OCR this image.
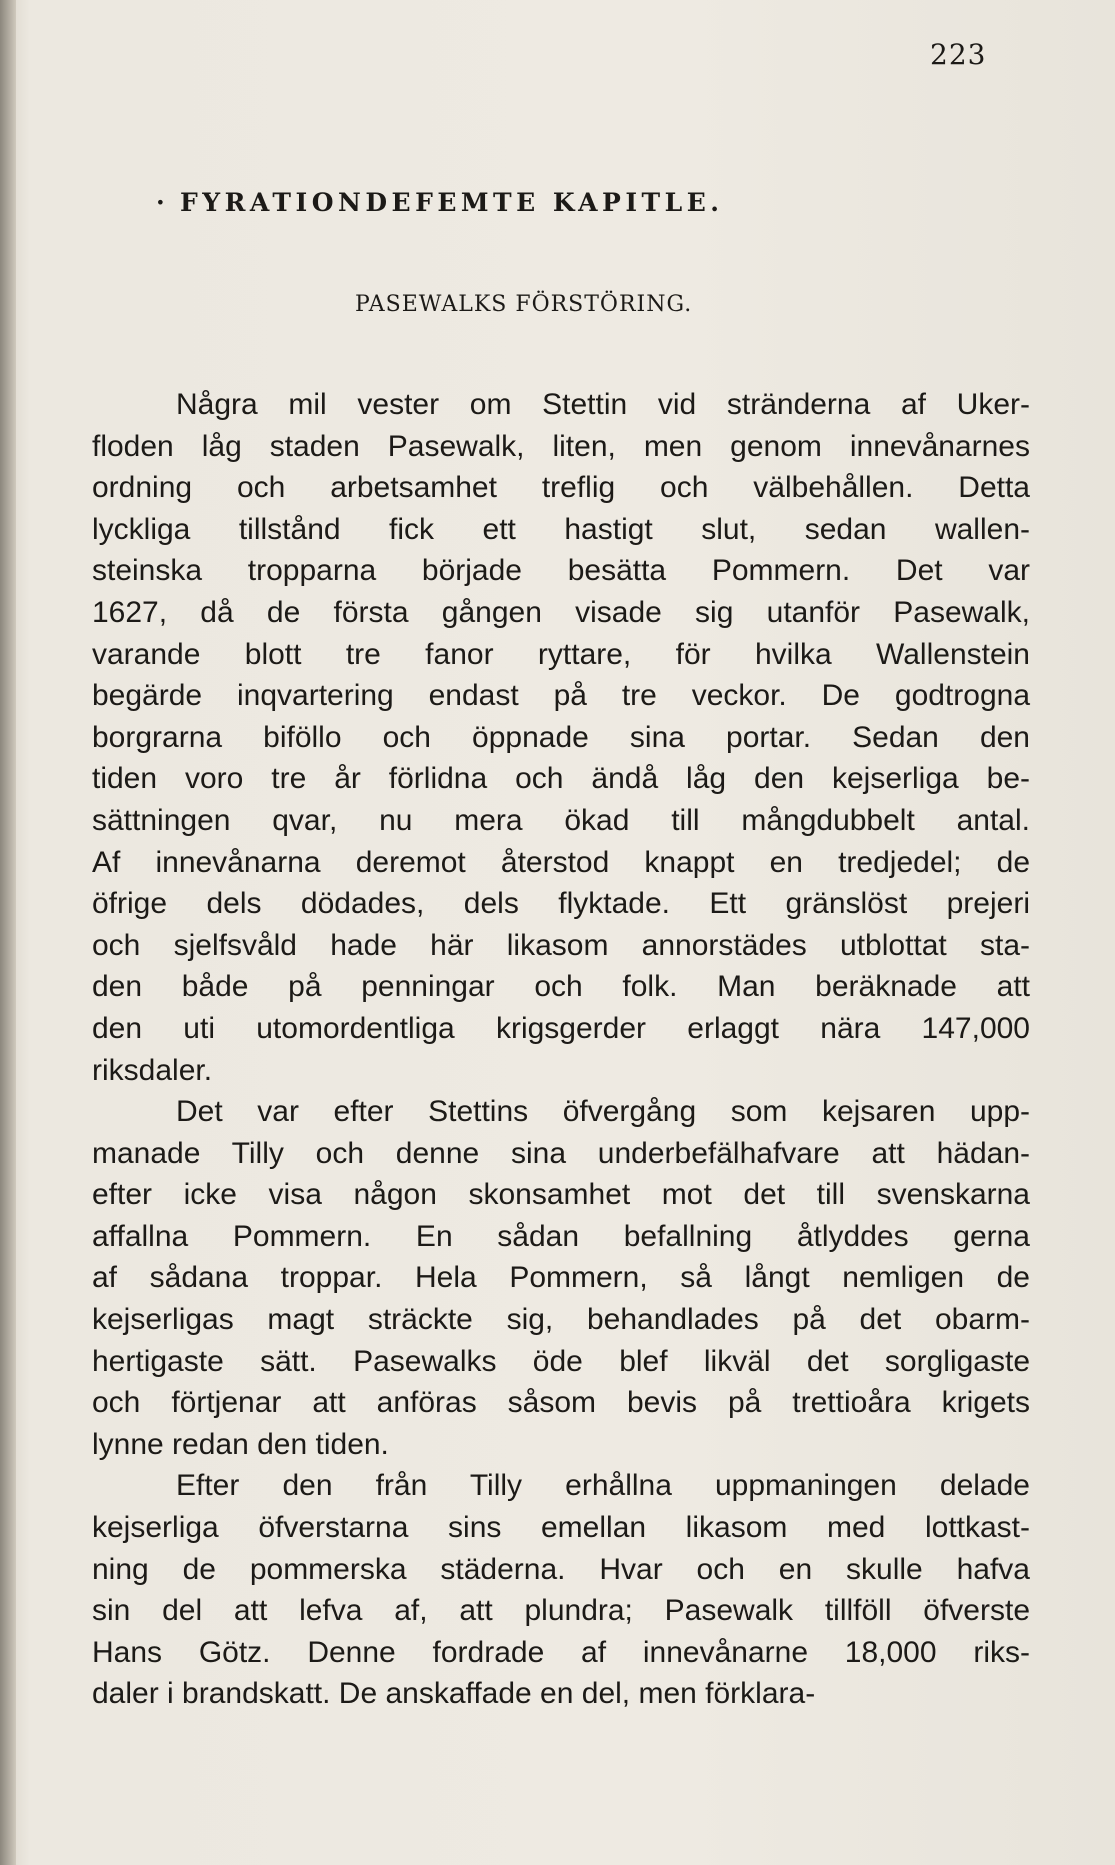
223
· FYRATIONDEFEMTE KAPITLE.
PASEWALKS FÖRSTÖRING.
Några mil vester om Stettin vid stränderna af Uker-
floden låg staden Pasewalk, liten, men genom innevånarnes
ordning och arbetsamhet treflig och välbehållen. Detta
lyckliga tillstånd fick ett hastigt slut, sedan wallen-
steinska tropparna började besätta Pommern. Det var
1627, då de första gången visade sig utanför Pasewalk,
varande blott tre fanor ryttare, för hvilka Wallenstein
begärde inqvartering endast på tre veckor. De godtrogna
borgrarna biföllo och öppnade sina portar. Sedan den
tiden voro tre år förlidna och ändå låg den kejserliga be-
sättningen qvar, nu mera ökad till mångdubbelt antal.
Af innevånarna deremot återstod knappt en tredjedel; de
öfrige dels dödades, dels flyktade. Ett gränslöst prejeri
och sjelfsvåld hade här likasom annorstädes utblottat sta-
den både på penningar och folk. Man beräknade att
den uti utomordentliga krigsgerder erlaggt nära 147,000
riksdaler.
Det var efter Stettins öfvergång som kejsaren upp-
manade Tilly och denne sina underbefälhafvare att hädan-
efter icke visa någon skonsamhet mot det till svenskarna
affallna Pommern. En sådan befallning åtlyddes gerna
af sådana troppar. Hela Pommern, så långt nemligen de
kejserligas magt sträckte sig, behandlades på det obarm-
hertigaste sätt. Pasewalks öde blef likväl det sorgligaste
och förtjenar att anföras såsom bevis på trettioåra krigets
lynne redan den tiden.
Efter den från Tilly erhållna uppmaningen delade
kejserliga öfverstarna sins emellan likasom med lottkast-
ning de pommerska städerna. Hvar och en skulle hafva
sin del att lefva af, att plundra; Pasewalk tillföll öfverste
Hans Götz. Denne fordrade af innevånarne 18,000 riks-
daler i brandskatt. De anskaffade en del, men förklara-
